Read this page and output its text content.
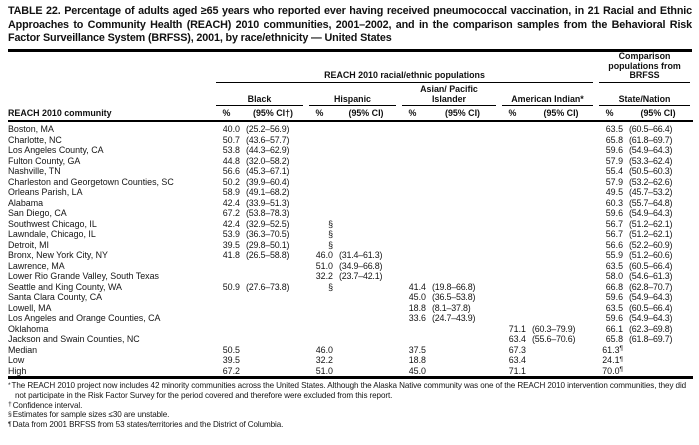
TABLE 22. Percentage of adults aged ≥65 years who reported ever having received pneumococcal vaccination, in 21 Racial and Ethnic Approaches to Community Health (REACH) 2010 communities, 2001–2002, and in the comparison samples from the Behavioral Risk Factor Surveillance System (BRFSS), 2001, by race/ethnicity — United States

	REACH 2010 racial/ethnic populations								Comparison populations from BRFSS	

	Black		Hispanic		Asian/ Pacific Islander		American Indian*		State/Nation	

REACH 2010 community	%	(95% CI†)	%	(95% CI)	%	(95% CI)	%	(95% CI)	%	(95% CI)
Boston, MA	40.0	(25.2–56.9)							63.5	(60.5–66.4)
Charlotte, NC	50.7	(43.6–57.7)							65.8	(61.8–69.7)
Los Angeles County, CA	53.8	(44.3–62.9)							59.6	(54.9–64.3)
Fulton County, GA	44.8	(32.0–58.2)							57.9	(53.3–62.4)
Nashville, TN	56.6	(45.3–67.1)							55.4	(50.5–60.3)
Charleston and Georgetown Counties, SC	50.2	(39.9–60.4)							57.9	(53.2–62.6)
Orleans Parish, LA	58.9	(49.1–68.2)							49.5	(45.7–53.2)
Alabama	42.4	(33.9–51.3)							60.3	(55.7–64.8)
San Diego, CA	67.2	(53.8–78.3)							59.6	(54.9–64.3)
Southwest Chicago, IL	42.4	(32.9–52.5)	§						56.7	(51.2–62.1)
Lawndale, Chicago, IL	53.9	(36.3–70.5)	§						56.7	(51.2–62.1)
Detroit, MI	39.5	(29.8–50.1)	§						56.6	(52.2–60.9)
Bronx, New York City, NY	41.8	(26.5–58.8)	46.0	(31.4–61.3)					55.9	(51.2–60.6)
Lawrence, MA			51.0	(34.9–66.8)					63.5	(60.5–66.4)
Lower Rio Grande Valley, South Texas			32.2	(23.7–42.1)					58.0	(54.6–61.3)
Seattle and King County, WA	50.9	(27.6–73.8)	§		41.4	(19.8–66.8)			66.8	(62.8–70.7)
Santa Clara County, CA					45.0	(36.5–53.8)			59.6	(54.9–64.3)
Lowell, MA					18.8	(8.1–37.8)			63.5	(60.5–66.4)
Los Angeles and Orange Counties, CA					33.6	(24.7–43.9)			59.6	(54.9–64.3)
Oklahoma							71.1	(60.3–79.9)	66.1	(62.3–69.8)
Jackson and Swain Counties, NC							63.4	(55.6–70.6)	65.8	(61.8–69.7)
Median	50.5		46.0		37.5		67.3		61.3¶	
Low	39.5		32.2		18.8		63.4		24.1¶	
High	67.2		51.0		45.0		71.1		70.0¶	
*The REACH 2010 project now includes 42 minority communities across the United States. Although the Alaska Native community was one of the REACH 2010 intervention communities, they did not participate in the Risk Factor Survey for the period covered and therefore were excluded from this report.
†Confidence interval.
§Estimates for sample sizes ≤30 are unstable.
¶Data from 2001 BRFSS from 53 states/territories and the District of Columbia.
